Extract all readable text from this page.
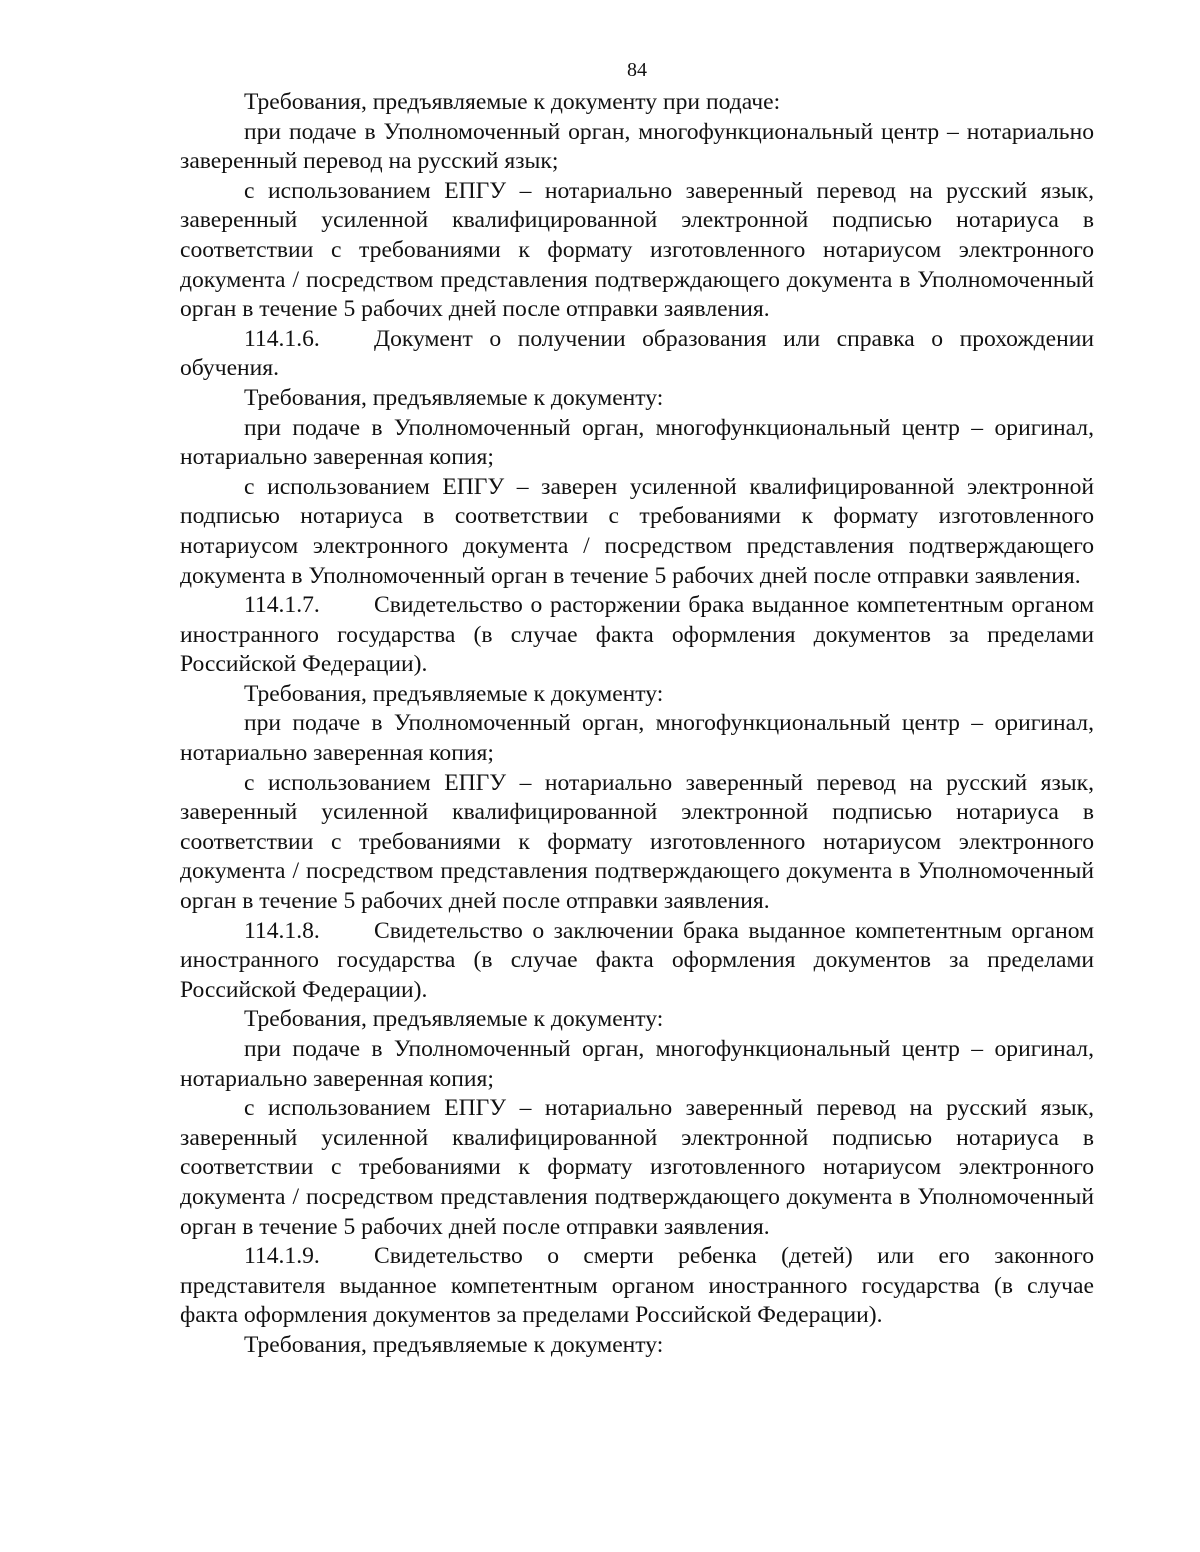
84

Требования, предъявляемые к документу при подаче:

при подаче в Уполномоченный орган, многофункциональный центр – нотариально заверенный перевод на русский язык;

с использованием ЕПГУ – нотариально заверенный перевод на русский язык, заверенный усиленной квалифицированной электронной подписью нотариуса в соответствии с требованиями к формату изготовленного нотариусом электронного документа / посредством представления подтверждающего документа в Уполномоченный орган в течение 5 рабочих дней после отправки заявления.

114.1.6. Документ о получении образования или справка о прохождении обучения.

Требования, предъявляемые к документу:

при подаче в Уполномоченный орган, многофункциональный центр – оригинал, нотариально заверенная копия;

с использованием ЕПГУ – заверен усиленной квалифицированной электронной подписью нотариуса в соответствии с требованиями к формату изготовленного нотариусом электронного документа / посредством представления подтверждающего документа в Уполномоченный орган в течение 5 рабочих дней после отправки заявления.

114.1.7. Свидетельство о расторжении брака выданное компетентным органом иностранного государства (в случае факта оформления документов за пределами Российской Федерации).

Требования, предъявляемые к документу:

при подаче в Уполномоченный орган, многофункциональный центр – оригинал, нотариально заверенная копия;

с использованием ЕПГУ – нотариально заверенный перевод на русский язык, заверенный усиленной квалифицированной электронной подписью нотариуса в соответствии с требованиями к формату изготовленного нотариусом электронного документа / посредством представления подтверждающего документа в Уполномоченный орган в течение 5 рабочих дней после отправки заявления.

114.1.8. Свидетельство о заключении брака выданное компетентным органом иностранного государства (в случае факта оформления документов за пределами Российской Федерации).

Требования, предъявляемые к документу:

при подаче в Уполномоченный орган, многофункциональный центр – оригинал, нотариально заверенная копия;

с использованием ЕПГУ – нотариально заверенный перевод на русский язык, заверенный усиленной квалифицированной электронной подписью нотариуса в соответствии с требованиями к формату изготовленного нотариусом электронного документа / посредством представления подтверждающего документа в Уполномоченный орган в течение 5 рабочих дней после отправки заявления.

114.1.9. Свидетельство о смерти ребенка (детей) или его законного представителя выданное компетентным органом иностранного государства (в случае факта оформления документов за пределами Российской Федерации).

Требования, предъявляемые к документу:
